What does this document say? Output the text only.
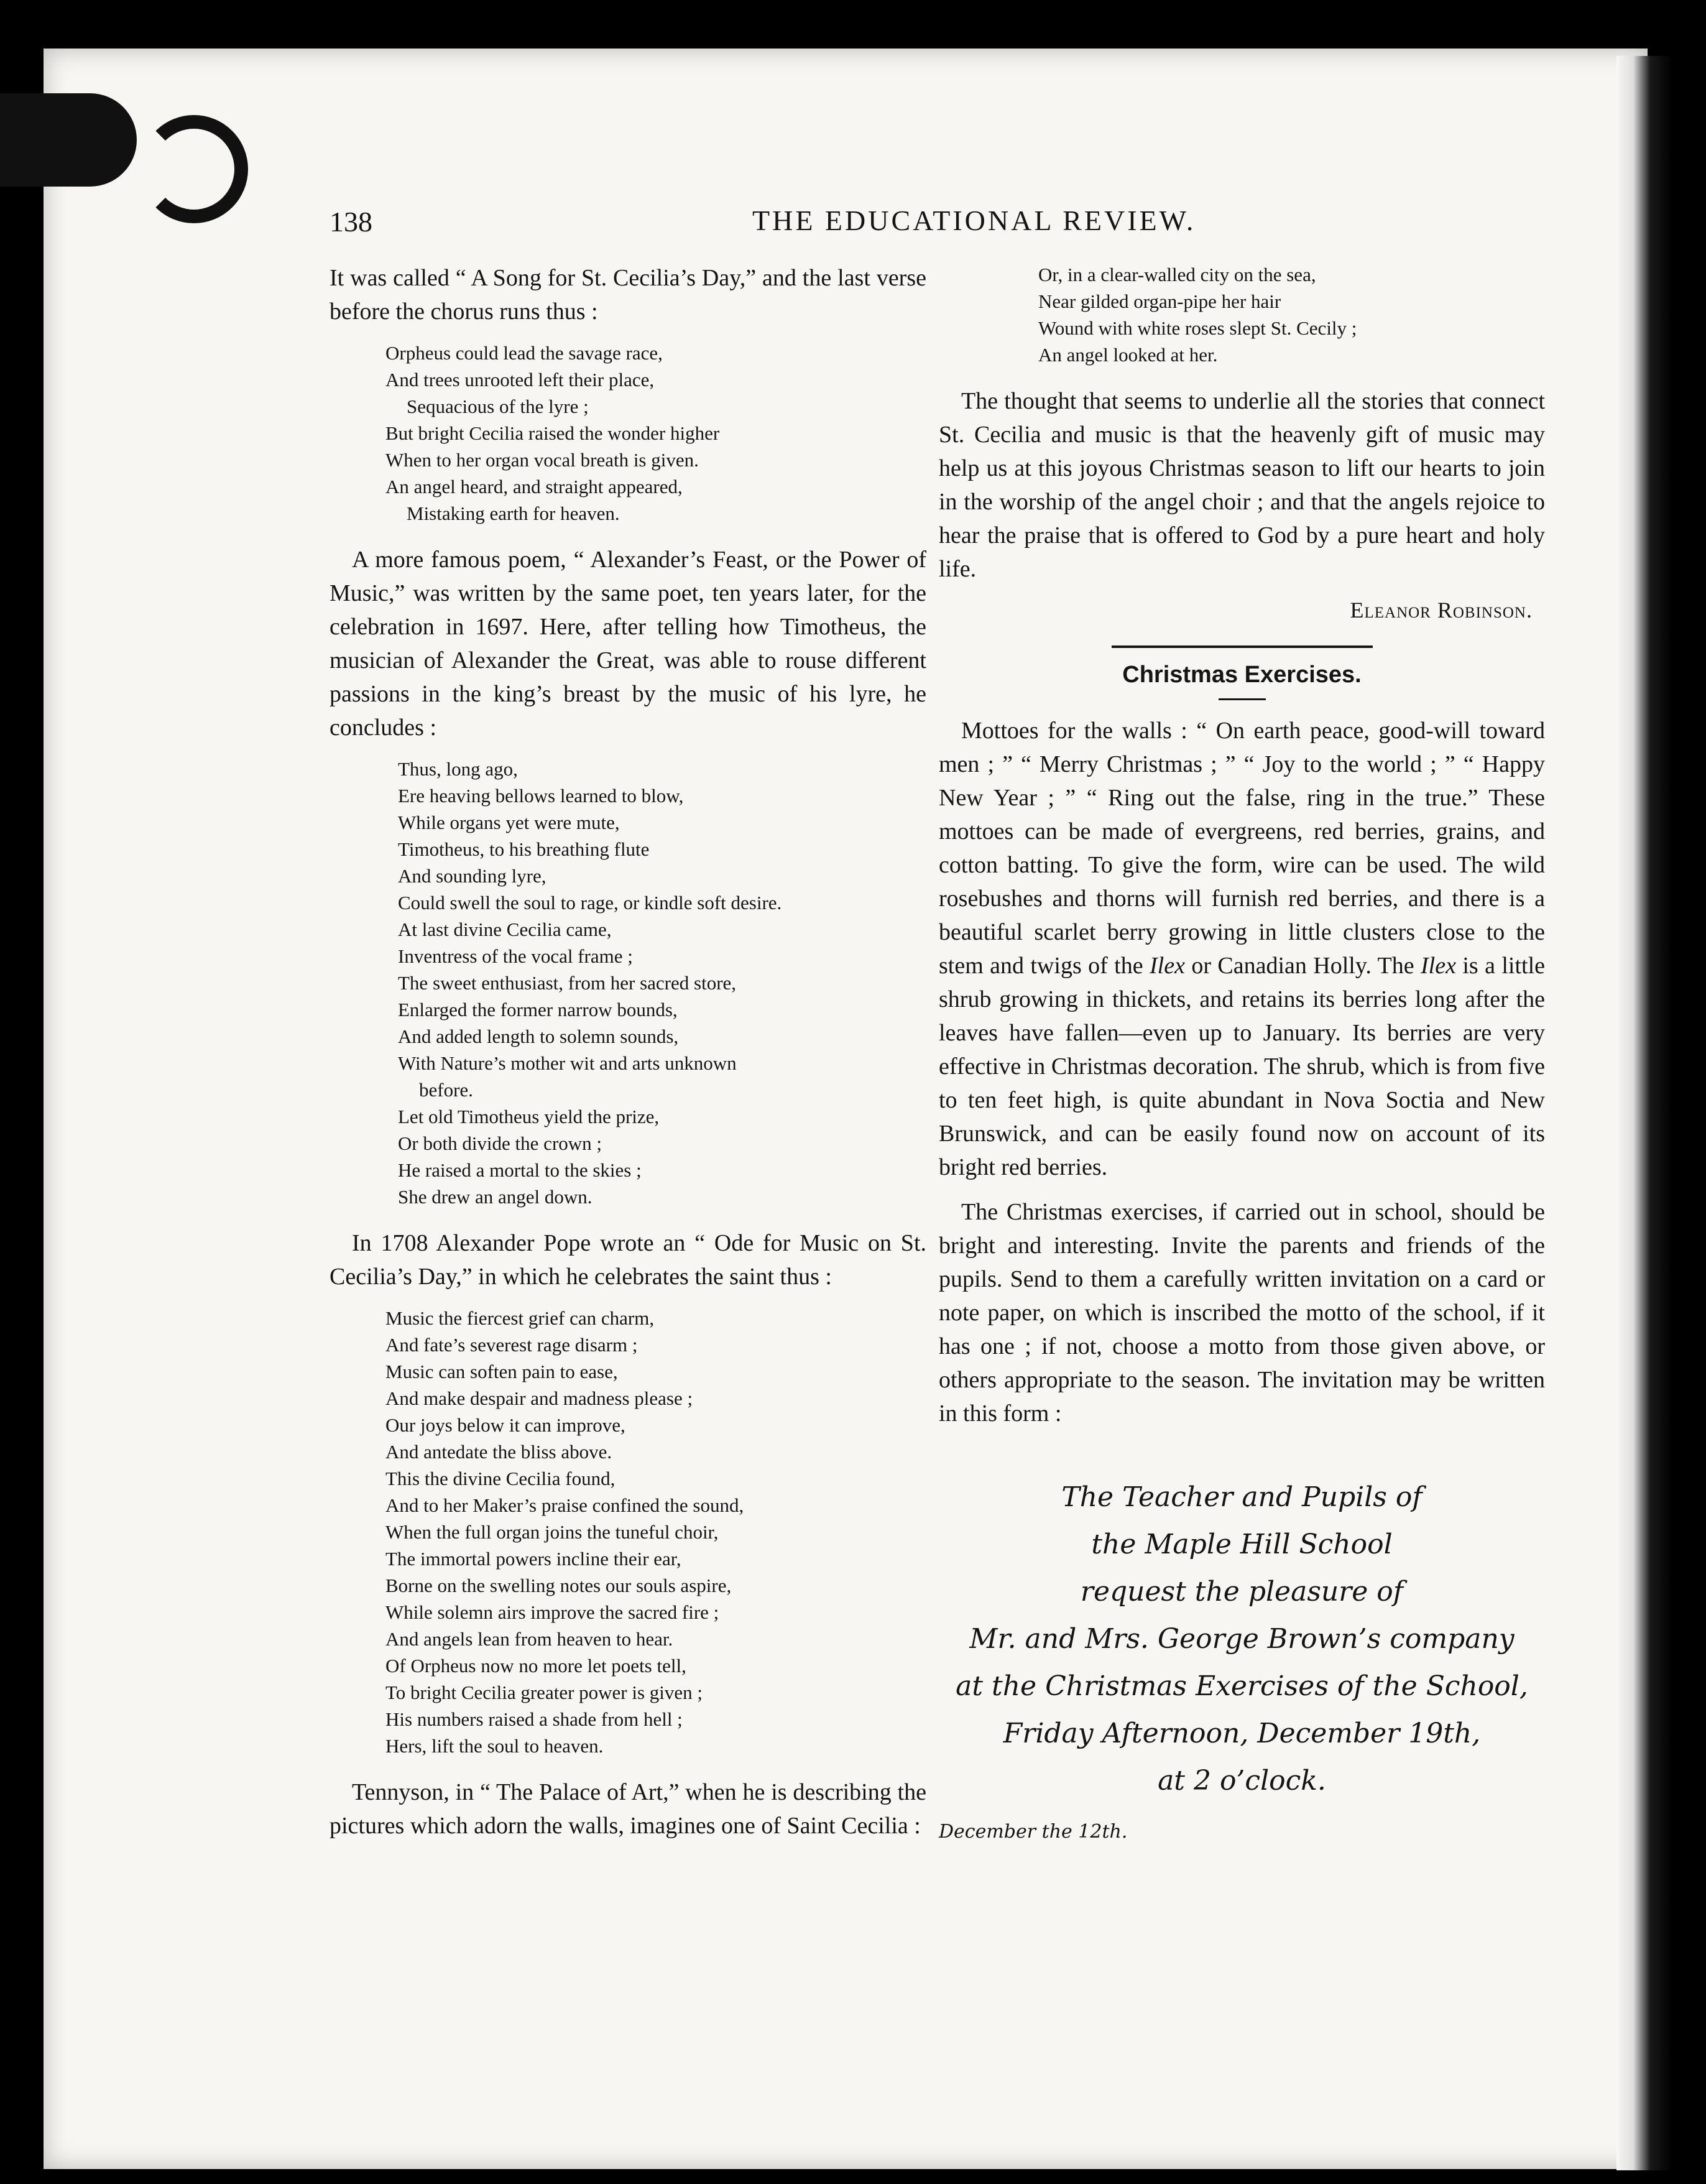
138	THE EDUCATIONAL REVIEW.

It was called “ A Song for St. Cecilia’s Day,” and the last verse before the chorus runs thus :

Orpheus could lead the savage race,
And trees unrooted left their place,
Sequacious of the lyre ;
But bright Cecilia raised the wonder higher
When to her organ vocal breath is given.
An angel heard, and straight appeared,
Mistaking earth for heaven.

A more famous poem, “ Alexander’s Feast, or the Power of Music,” was written by the same poet, ten years later, for the celebration in 1697. Here, after telling how Timotheus, the musician of Alexander the Great, was able to rouse different passions in the king’s breast by the music of his lyre, he concludes :

Thus, long ago,
Ere heaving bellows learned to blow,
While organs yet were mute,
Timotheus, to his breathing flute
And sounding lyre,
Could swell the soul to rage, or kindle soft desire.
At last divine Cecilia came,
Inventress of the vocal frame ;
The sweet enthusiast, from her sacred store,
Enlarged the former narrow bounds,
And added length to solemn sounds,
With Nature’s mother wit and arts unknown
before.
Let old Timotheus yield the prize,
Or both divide the crown ;
He raised a mortal to the skies ;
She drew an angel down.

In 1708 Alexander Pope wrote an “ Ode for Music on St. Cecilia’s Day,” in which he celebrates the saint thus :

Music the fiercest grief can charm,
And fate’s severest rage disarm ;
Music can soften pain to ease,
And make despair and madness please ;
Our joys below it can improve,
And antedate the bliss above.
This the divine Cecilia found,
And to her Maker’s praise confined the sound,
When the full organ joins the tuneful choir,
The immortal powers incline their ear,
Borne on the swelling notes our souls aspire,
While solemn airs improve the sacred fire ;
And angels lean from heaven to hear.
Of Orpheus now no more let poets tell,
To bright Cecilia greater power is given ;
His numbers raised a shade from hell ;
Hers, lift the soul to heaven.

Tennyson, in “ The Palace of Art,” when he is describing the pictures which adorn the walls, imagines one of Saint Cecilia :

Or, in a clear-walled city on the sea,
Near gilded organ-pipe her hair
Wound with white roses slept St. Cecily ;
An angel looked at her.

The thought that seems to underlie all the stories that connect St. Cecilia and music is that the heavenly gift of music may help us at this joyous Christmas season to lift our hearts to join in the worship of the angel choir ; and that the angels rejoice to hear the praise that is offered to God by a pure heart and holy life.

Eleanor Robinson.
Christmas Exercises.

Mottoes for the walls : “ On earth peace, good-will toward men ; ” “ Merry Christmas ; ” “ Joy to the world ; ” “ Happy New Year ; ” “ Ring out the false, ring in the true.” These mottoes can be made of evergreens, red berries, grains, and cotton batting. To give the form, wire can be used. The wild rosebushes and thorns will furnish red berries, and there is a beautiful scarlet berry growing in little clusters close to the stem and twigs of the Ilex or Canadian Holly. The Ilex is a little shrub growing in thickets, and retains its berries long after the leaves have fallen—even up to January. Its berries are very effective in Christmas decoration. The shrub, which is from five to ten feet high, is quite abundant in Nova Soctia and New Brunswick, and can be easily found now on account of its bright red berries.

The Christmas exercises, if carried out in school, should be bright and interesting. Invite the parents and friends of the pupils. Send to them a carefully written invitation on a card or note paper, on which is inscribed the motto of the school, if it has one ; if not, choose a motto from those given above, or others appropriate to the season. The invitation may be written in this form :

The Teacher and Pupils of
the Maple Hill School
request the pleasure of
Mr. and Mrs. George Brown’s company
at the Christmas Exercises of the School,
Friday Afternoon, December 19th,
at 2 o’clock.
December the 12th.
